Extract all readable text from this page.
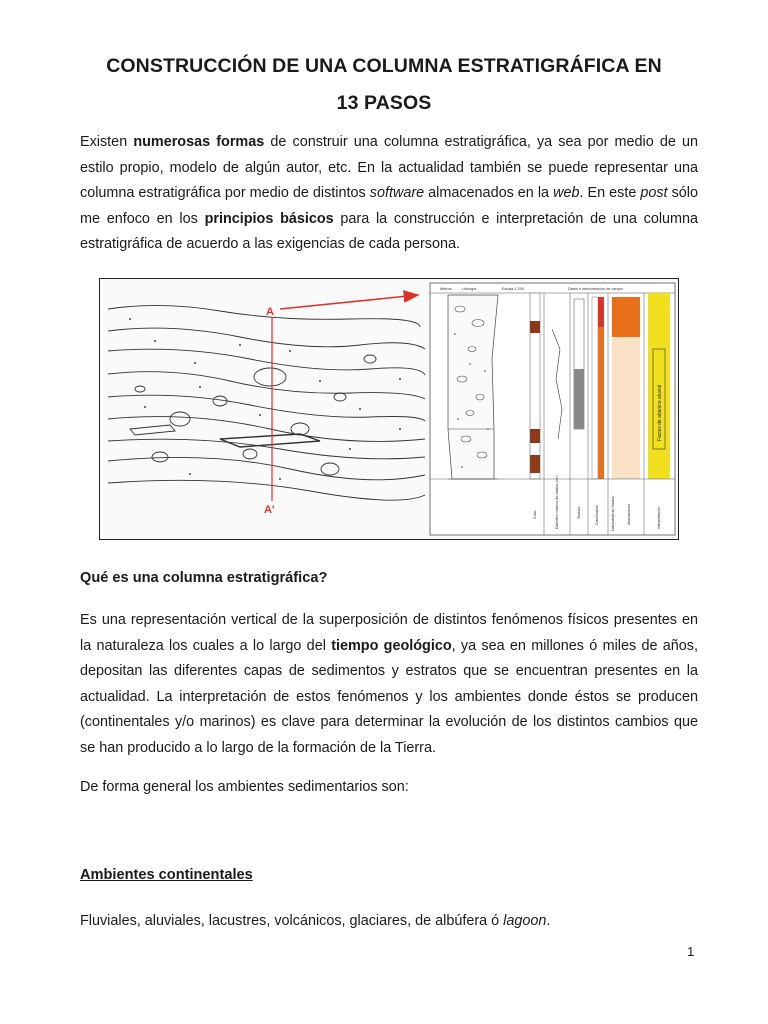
CONSTRUCCIÓN DE UNA COLUMNA ESTRATIGRÁFICA EN
13 PASOS

Existen numerosas formas de construir una columna estratigráfica, ya sea por medio de un estilo propio, modelo de algún autor, etc. En la actualidad también se puede representar una columna estratigráfica por medio de distintos software almacenados en la web. En este post sólo me enfoco en los principios básicos para la construcción e interpretación de una columna estratigráfica de acuerdo a las exigencias de cada persona.

A
A'
Metros	Litología	Escala 1:200	Datos e interpretación de campo
Facies de abanico aluvial
Color	Diámetro máximo de clastos (cm)	Textura	Clasificación	Naturaleza de clastos	Asociaciones	Interpretación
Qué es una columna estratigráfica?

Es una representación vertical de la superposición de distintos fenómenos físicos presentes en la naturaleza los cuales a lo largo del tiempo geológico, ya sea en millones ó miles de años, depositan las diferentes capas de sedimentos y estratos que se encuentran presentes en la actualidad. La interpretación de estos fenómenos y los ambientes donde éstos se producen (continentales y/o marinos) es clave para determinar la evolución de los distintos cambios que se han producido a lo largo de la formación de la Tierra.

De forma general los ambientes sedimentarios son:

Ambientes continentales

Fluviales, aluviales, lacustres, volcánicos, glaciares, de albúfera ó lagoon.

1
